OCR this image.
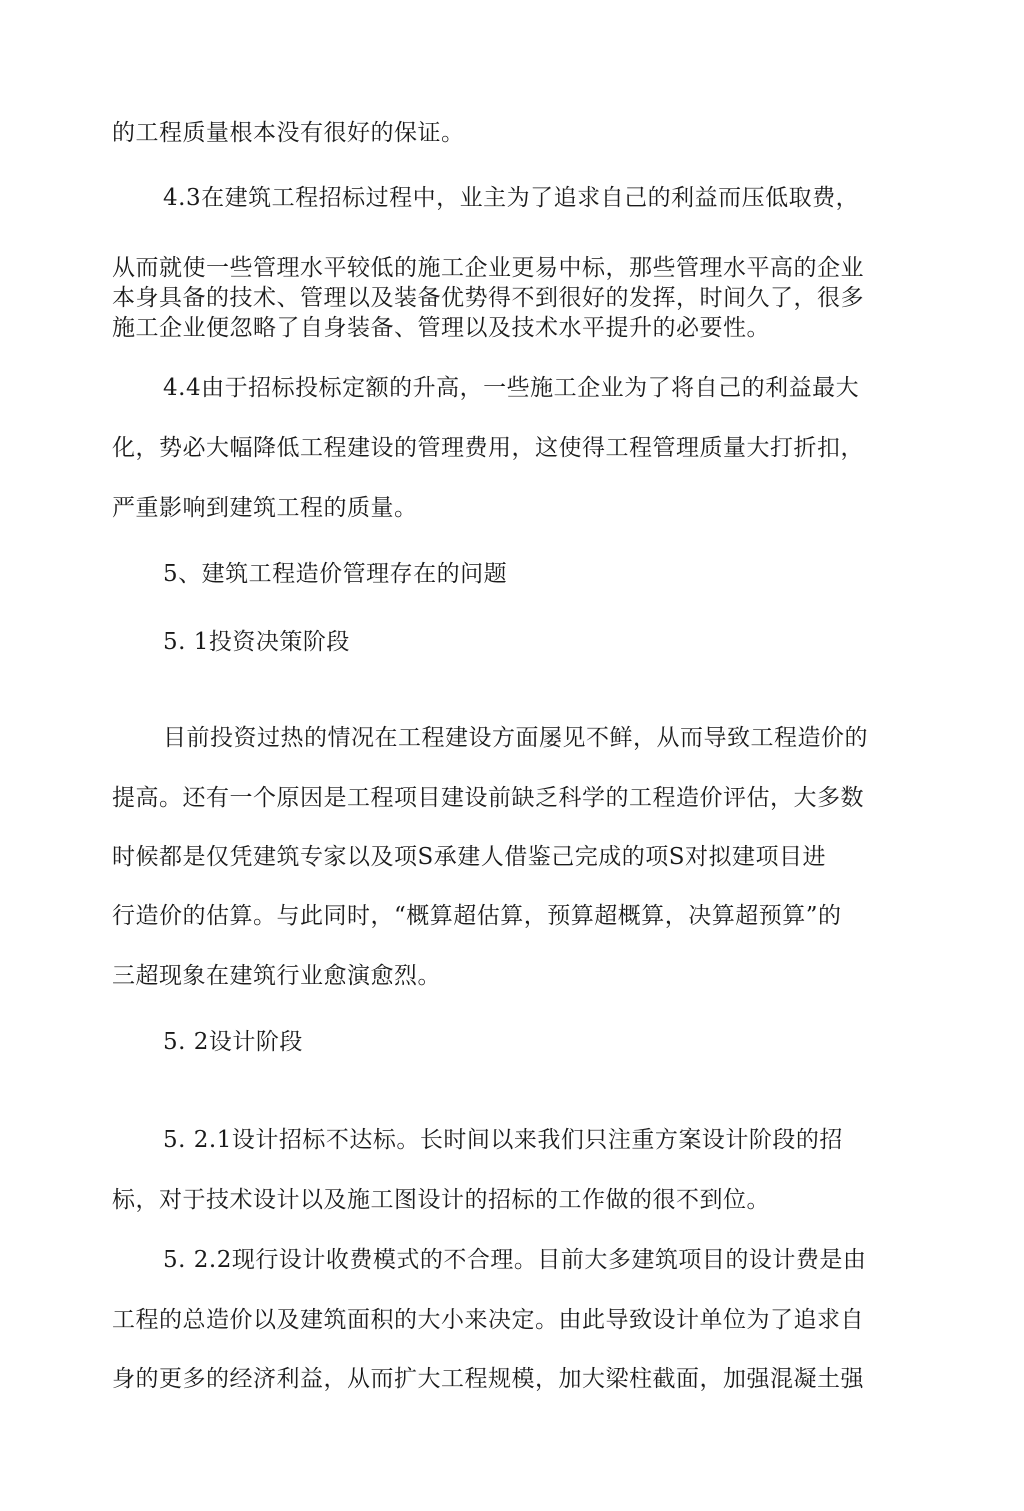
的工程质量根本没有很好的保证。
4.3在建筑工程招标过程中，业主为了追求自己的利益而压低取费，
从而就使一些管理水平较低的施工企业更易中标，那些管理水平高的企业
本身具备的技术、管理以及装备优势得不到很好的发挥，时间久了，很多
施工企业便忽略了自身装备、管理以及技术水平提升的必要性。
4.4由于招标投标定额的升高，一些施工企业为了将自己的利益最大
化，势必大幅降低工程建设的管理费用，这使得工程管理质量大打折扣，
严重影响到建筑工程的质量。
5、建筑工程造价管理存在的问题
5. 1投资决策阶段
目前投资过热的情况在工程建设方面屡见不鲜，从而导致工程造价的
提高。还有一个原因是工程项目建设前缺乏科学的工程造价评估，大多数
时候都是仅凭建筑专家以及项S承建人借鉴己完成的项S对拟建项目进
行造价的估算。与此同时，“概算超估算，预算超概算，决算超预算”的
三超现象在建筑行业愈演愈烈。
5. 2设计阶段
5. 2.1设计招标不达标。长时间以来我们只注重方案设计阶段的招
标，对于技术设计以及施工图设计的招标的工作做的很不到位。
5. 2.2现行设计收费模式的不合理。目前大多建筑项目的设计费是由
工程的总造价以及建筑面积的大小来决定。由此导致设计单位为了追求自
身的更多的经济利益，从而扩大工程规模，加大梁柱截面，加强混凝土强
